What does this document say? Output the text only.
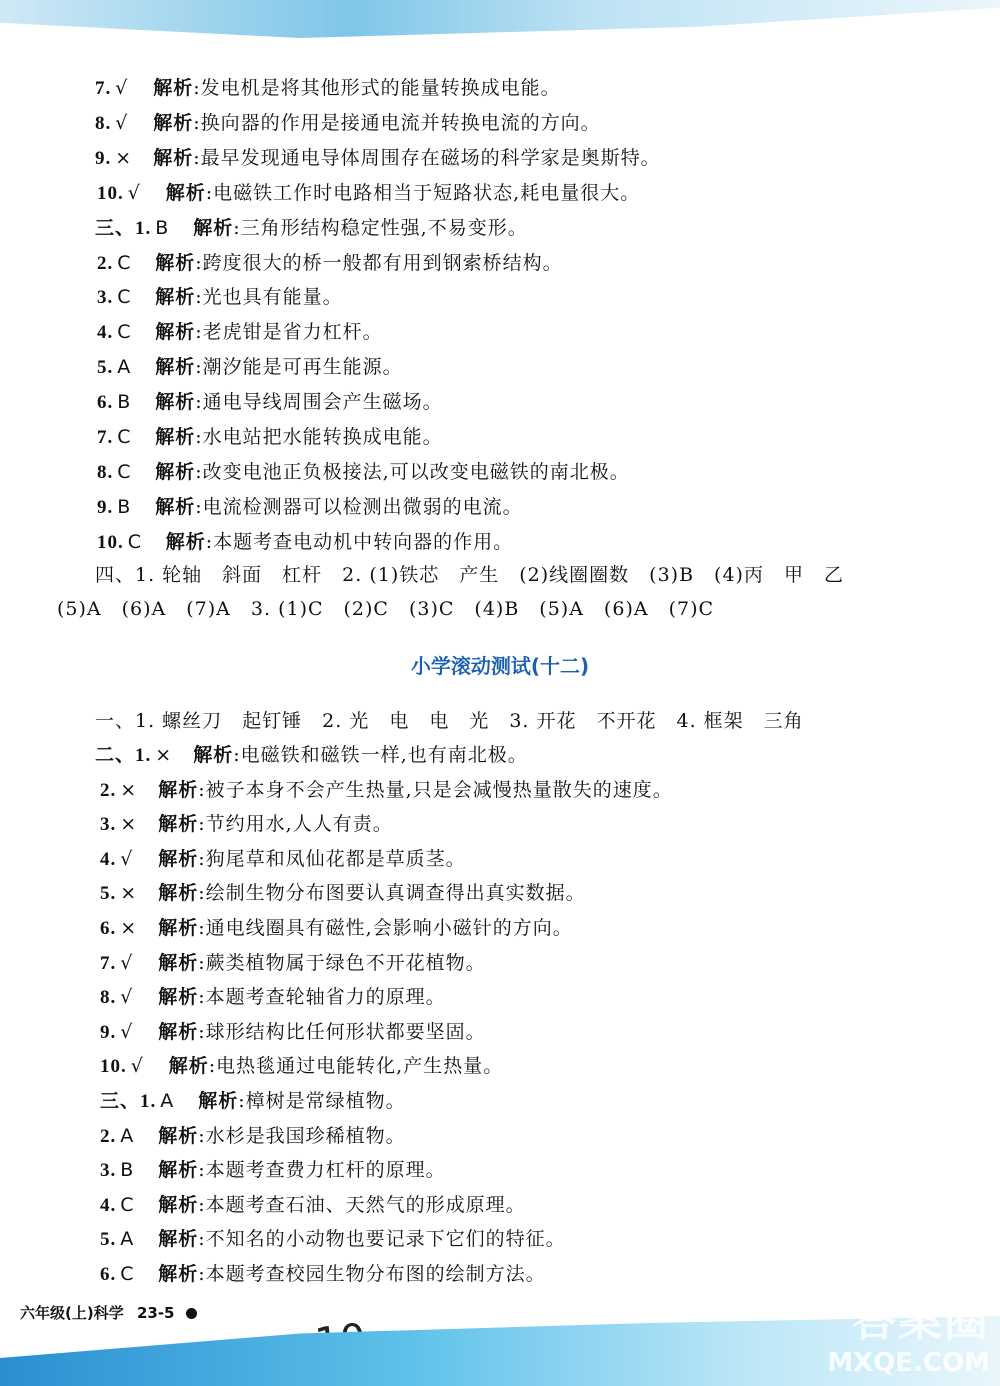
7. √ 解析:发电机是将其他形式的能量转换成电能。
8. √ 解析:换向器的作用是接通电流并转换电流的方向。
9. × 解析:最早发现通电导体周围存在磁场的科学家是奥斯特。
10. √ 解析:电磁铁工作时电路相当于短路状态,耗电量很大。
三、1. B 解析:三角形结构稳定性强,不易变形。
2. C 解析:跨度很大的桥一般都有用到钢索桥结构。
3. C 解析:光也具有能量。
4. C 解析:老虎钳是省力杠杆。
5. A 解析:潮汐能是可再生能源。
6. B 解析:通电导线周围会产生磁场。
7. C 解析:水电站把水能转换成电能。
8. C 解析:改变电池正负极接法,可以改变电磁铁的南北极。
9. B 解析:电流检测器可以检测出微弱的电流。
10. C 解析:本题考查电动机中转向器的作用。
四、1. 轮轴　斜面　杠杆　2. (1)铁芯　产生　(2)线圈圈数　(3)B　(4)丙　甲　乙
(5)A　(6)A　(7)A　3. (1)C　(2)C　(3)C　(4)B　(5)A　(6)A　(7)C
小学滚动测试(十二)
一、1. 螺丝刀　起钉锤　2. 光　电　电　光　3. 开花　不开花　4. 框架　三角
二、1. × 解析:电磁铁和磁铁一样,也有南北极。
2. × 解析:被子本身不会产生热量,只是会减慢热量散失的速度。
3. × 解析:节约用水,人人有责。
4. √ 解析:狗尾草和凤仙花都是草质茎。
5. × 解析:绘制生物分布图要认真调查得出真实数据。
6. × 解析:通电线圈具有磁性,会影响小磁针的方向。
7. √ 解析:蕨类植物属于绿色不开花植物。
8. √ 解析:本题考查轮轴省力的原理。
9. √ 解析:球形结构比任何形状都要坚固。
10. √ 解析:电热毯通过电能转化,产生热量。
三、1. A 解析:樟树是常绿植物。
2. A 解析:水杉是我国珍稀植物。
3. B 解析:本题考查费力杠杆的原理。
4. C 解析:本题考查石油、天然气的形成原理。
5. A 解析:不知名的小动物也要记录下它们的特征。
6. C 解析:本题考查校园生物分布图的绘制方法。
六年级(上)科学 23-5	答案圈
MXQE.COM
